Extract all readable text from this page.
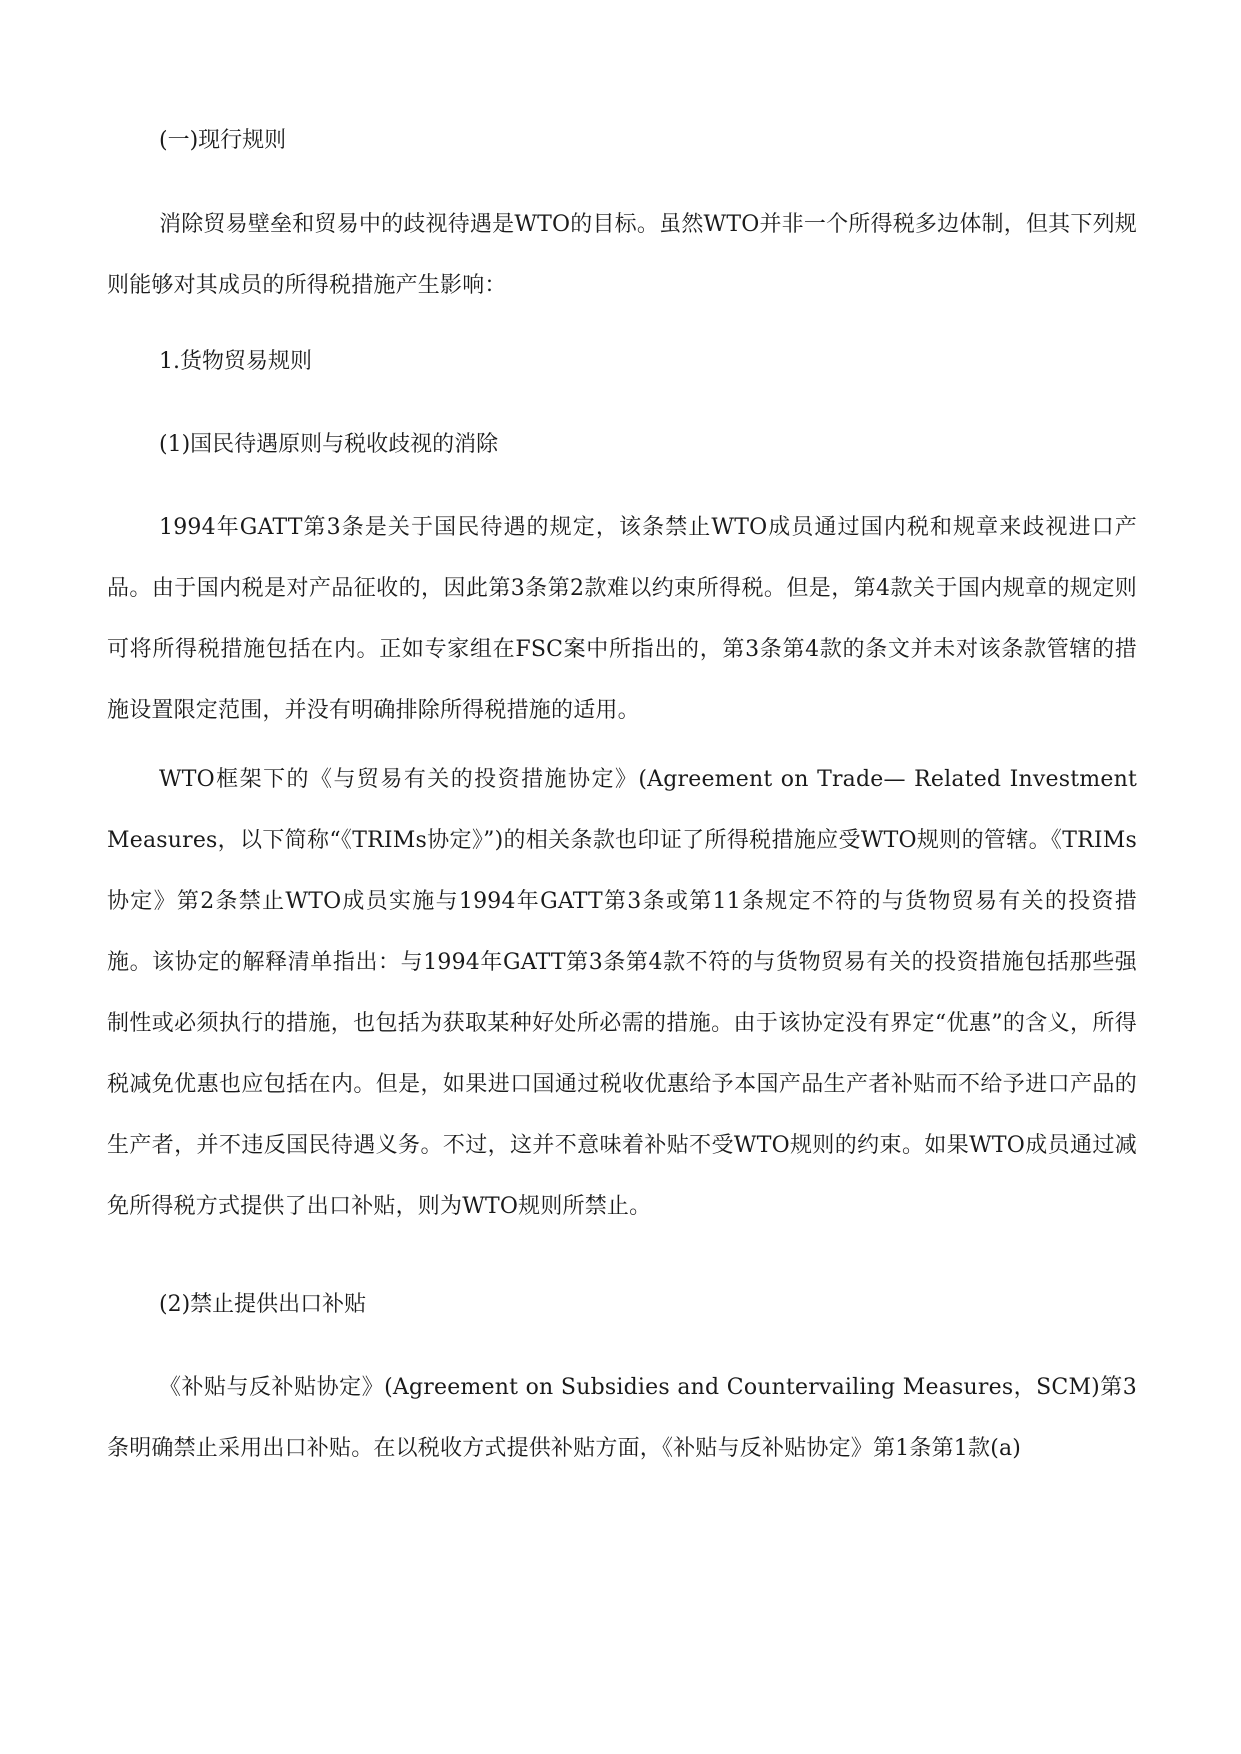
(一)现行规则

消除贸易壁垒和贸易中的歧视待遇是WTO的目标。虽然WTO并非一个所得税多边体制，但其下列规则能够对其成员的所得税措施产生影响：

1.货物贸易规则

(1)国民待遇原则与税收歧视的消除

1994年GATT第3条是关于国民待遇的规定，该条禁止WTO成员通过国内税和规章来歧视进口产品。由于国内税是对产品征收的，因此第3条第2款难以约束所得税。但是，第4款关于国内规章的规定则可将所得税措施包括在内。正如专家组在FSC案中所指出的，第3条第4款的条文并未对该条款管辖的措施设置限定范围，并没有明确排除所得税措施的适用。

WTO框架下的《与贸易有关的投资措施协定》(Agreement on Trade— Related Investment Measures，以下简称“《TRIMs协定》”)的相关条款也印证了所得税措施应受WTO规则的管辖。《TRIMs协定》第2条禁止WTO成员实施与1994年GATT第3条或第11条规定不符的与货物贸易有关的投资措施。该协定的解释清单指出：与1994年GATT第3条第4款不符的与货物贸易有关的投资措施包括那些强制性或必须执行的措施，也包括为获取某种好处所必需的措施。由于该协定没有界定“优惠”的含义，所得税减免优惠也应包括在内。但是，如果进口国通过税收优惠给予本国产品生产者补贴而不给予进口产品的生产者，并不违反国民待遇义务。不过，这并不意味着补贴不受WTO规则的约束。如果WTO成员通过减免所得税方式提供了出口补贴，则为WTO规则所禁止。

(2)禁止提供出口补贴

《补贴与反补贴协定》(Agreement on Subsidies and Countervailing Measures，SCM)第3条明确禁止采用出口补贴。在以税收方式提供补贴方面，《补贴与反补贴协定》第1条第1款(a)
